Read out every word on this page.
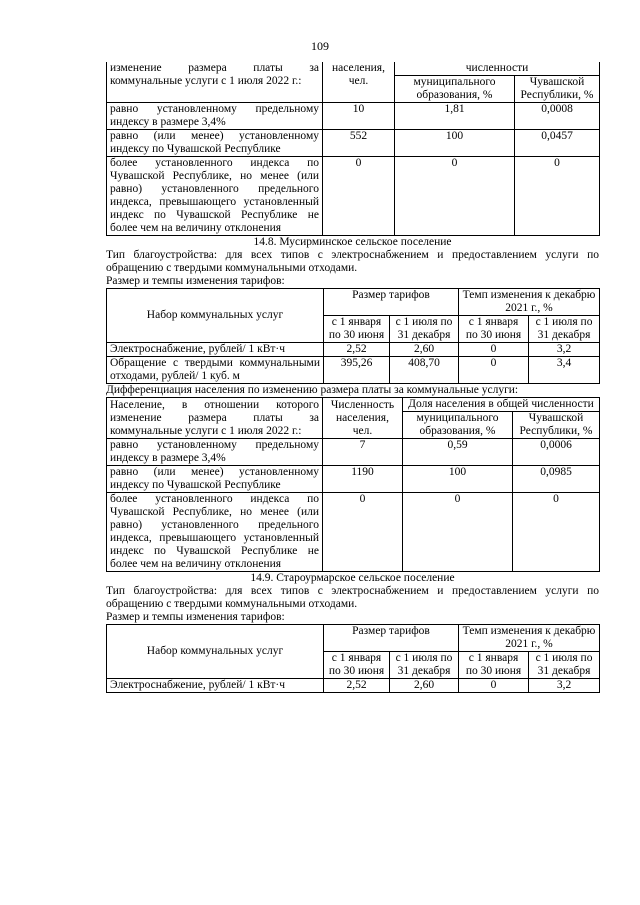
109
изменение размера платы за коммунальные услуги с 1 июля 2022 г.:	населения, чел.	численности	
		муниципального образования, %	Чувашской Республики, %
равно установленному предельному индексу в размере 3,4%	10	1,81	0,0008
равно (или менее) установленному индексу по Чувашской Республике	552	100	0,0457
более установленного индекса по Чувашской Республике, но менее (или равно) установленного предельного индекса, превышающего установленный индекс по Чувашской Республике не более чем на величину отклонения	0	0	0
14.8. Мусирминское сельское поселение
Тип благоустройства: для всех типов с электроснабжением и предоставлением услуги по обращению с твердыми коммунальными отходами.
Размер и темпы изменения тарифов:
Набор коммунальных услуг	Размер тарифов		Темп изменения к декабрю 2021 г., %	
	с 1 января по 30 июня	с 1 июля по 31 декабря	с 1 января по 30 июня	с 1 июля по 31 декабря
Электроснабжение, рублей/ 1 кВт·ч	2,52	2,60	0	3,2
Обращение с твердыми коммунальными отходами, рублей/ 1 куб. м	395,26	408,70	0	3,4
Дифференциация населения по изменению размера платы за коммунальные услуги:
Население, в отношении которого изменение размера платы за коммунальные услуги с 1 июля 2022 г.:	Численность населения, чел.	Доля населения в общей численности	
		муниципального образования, %	Чувашской Республики, %
равно установленному предельному индексу в размере 3,4%	7	0,59	0,0006
равно (или менее) установленному индексу по Чувашской Республике	1190	100	0,0985
более установленного индекса по Чувашской Республике, но менее (или равно) установленного предельного индекса, превышающего установленный индекс по Чувашской Республике не более чем на величину отклонения	0	0	0
14.9. Староурмарское сельское поселение
Тип благоустройства: для всех типов с электроснабжением и предоставлением услуги по обращению с твердыми коммунальными отходами.
Размер и темпы изменения тарифов:
Набор коммунальных услуг	Размер тарифов		Темп изменения к декабрю 2021 г., %	
	с 1 января по 30 июня	с 1 июля по 31 декабря	с 1 января по 30 июня	с 1 июля по 31 декабря
Электроснабжение, рублей/ 1 кВт·ч	2,52	2,60	0	3,2
